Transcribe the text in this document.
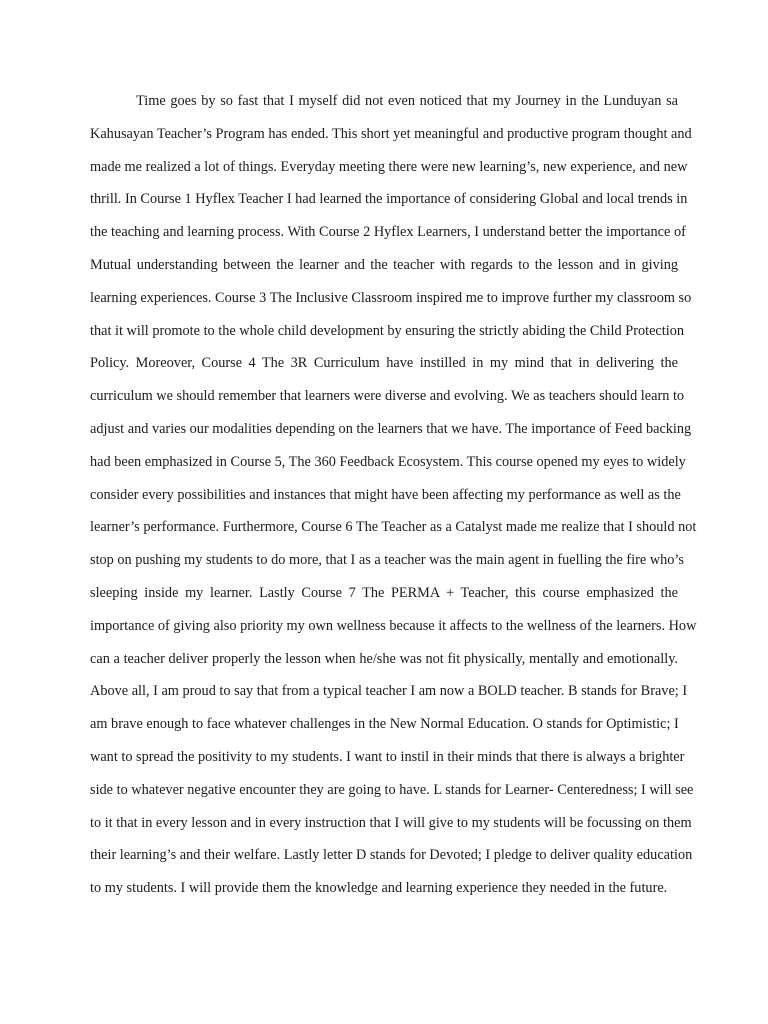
Time goes by so fast that I myself did not even noticed that my Journey in the Lunduyan sa
Kahusayan Teacher’s Program has ended. This short yet meaningful and productive program thought and
made me realized a lot of things. Everyday meeting there were new learning’s, new experience, and new
thrill. In Course 1 Hyflex Teacher I had learned the importance of considering Global and local trends in
the teaching and learning process. With Course 2 Hyflex Learners, I understand better the importance of
Mutual understanding between the learner and the teacher with regards to the lesson and in giving
learning experiences. Course 3 The Inclusive Classroom inspired me to improve further my classroom so
that it will promote to the whole child development by ensuring the strictly abiding the Child Protection
Policy. Moreover, Course 4 The 3R Curriculum have instilled in my mind that in delivering the
curriculum we should remember that learners were diverse and evolving. We as teachers should learn to
adjust and varies our modalities depending on the learners that we have. The importance of Feed backing
had been emphasized in Course 5, The 360 Feedback Ecosystem. This course opened my eyes to widely
consider every possibilities and instances that might have been affecting my performance as well as the
learner’s performance. Furthermore, Course 6 The Teacher as a Catalyst made me realize that I should not
stop on pushing my students to do more, that I as a teacher was the main agent in fuelling the fire who’s
sleeping inside my learner. Lastly Course 7 The PERMA + Teacher, this course emphasized the
importance of giving also priority my own wellness because it affects to the wellness of the learners. How
can a teacher deliver properly the lesson when he/she was not fit physically, mentally and emotionally.
Above all, I am proud to say that from a typical teacher I am now a BOLD teacher. B stands for Brave; I
am brave enough to face whatever challenges in the New Normal Education. O stands for Optimistic; I
want to spread the positivity to my students. I want to instil in their minds that there is always a brighter
side to whatever negative encounter they are going to have. L stands for Learner- Centeredness; I will see
to it that in every lesson and in every instruction that I will give to my students will be focussing on them
their learning’s and their welfare. Lastly letter D stands for Devoted; I pledge to deliver quality education
to my students. I will provide them the knowledge and learning experience they needed in the future.
